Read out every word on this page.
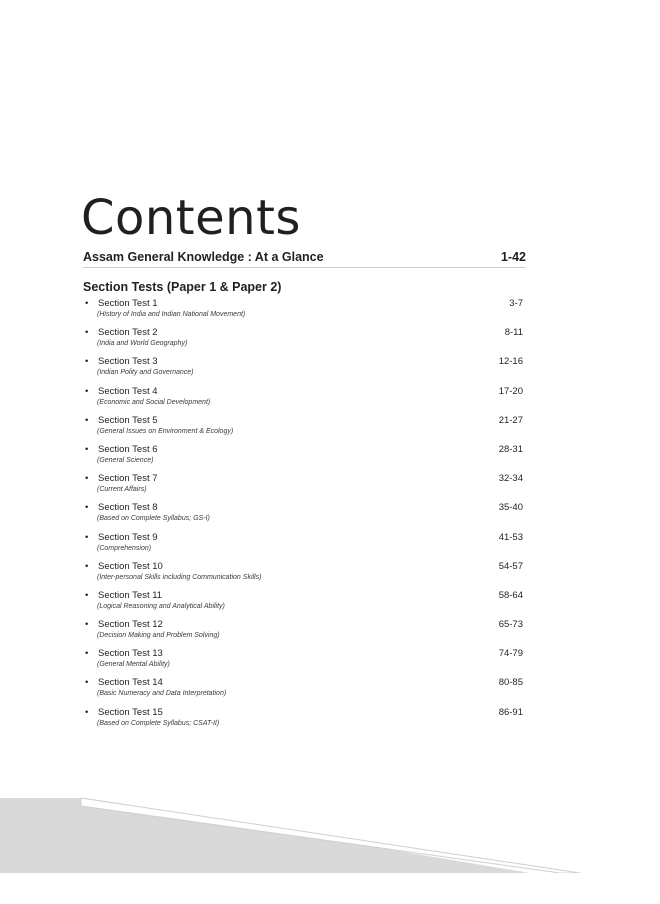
Contents
Assam General Knowledge : At a Glance	1-42
Section Tests (Paper 1 & Paper 2)
• Section Test 1
(History of India and Indian National Movement)
3-7
• Section Test 2
(India and World Geography)
8-11
• Section Test 3
(Indian Polity and Governance)
12-16
• Section Test 4
(Economic and Social Development)
17-20
• Section Test 5
(General Issues on Environment & Ecology)
21-27
• Section Test 6
(General Science)
28-31
• Section Test 7
(Current Affairs)
32-34
• Section Test 8
(Based on Complete Syllabus; GS-I)
35-40
• Section Test 9
(Comprehension)
41-53
• Section Test 10
(Inter-personal Skills including Communication Skills)
54-57
• Section Test 11
(Logical Reasoning and Analytical Ability)
58-64
• Section Test 12
(Decision Making and Problem Solving)
65-73
• Section Test 13
(General Mental Ability)
74-79
• Section Test 14
(Basic Numeracy and Data Interpretation)
80-85
• Section Test 15
(Based on Complete Syllabus; CSAT-II)
86-91
